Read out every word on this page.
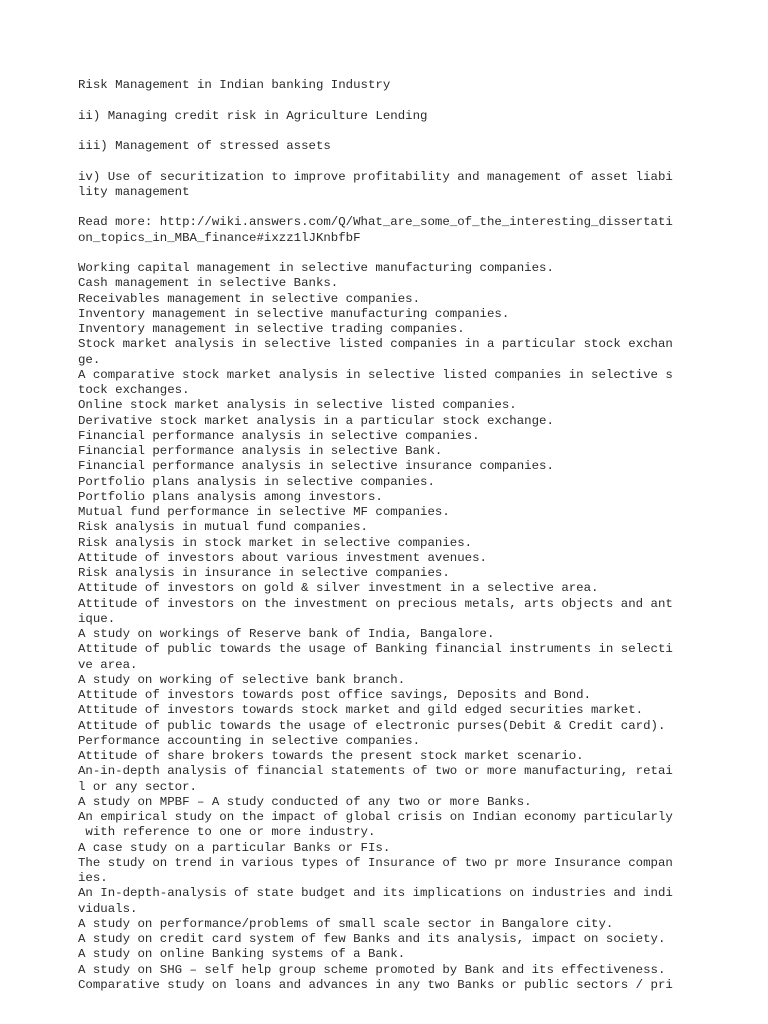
Risk Management in Indian banking Industry
ii) Managing credit risk in Agriculture Lending
iii) Management of stressed assets
iv) Use of securitization to improve profitability and management of asset liabi
lity management
Read more: http://wiki.answers.com/Q/What_are_some_of_the_interesting_dissertati
on_topics_in_MBA_finance#ixzz1lJKnbfbF
Working capital management in selective manufacturing companies.
Cash management in selective Banks.
Receivables management in selective companies.
Inventory management in selective manufacturing companies.
Inventory management in selective trading companies.
Stock market analysis in selective listed companies in a particular stock exchan
ge.
A comparative stock market analysis in selective listed companies in selective s
tock exchanges.
Online stock market analysis in selective listed companies.
Derivative stock market analysis in a particular stock exchange.
Financial performance analysis in selective companies.
Financial performance analysis in selective Bank.
Financial performance analysis in selective insurance companies.
Portfolio plans analysis in selective companies.
Portfolio plans analysis among investors.
Mutual fund performance in selective MF companies.
Risk analysis in mutual fund companies.
Risk analysis in stock market in selective companies.
Attitude of investors about various investment avenues.
Risk analysis in insurance in selective companies.
Attitude of investors on gold & silver investment in a selective area.
Attitude of investors on the investment on precious metals, arts objects and ant
ique.
A study on workings of Reserve bank of India, Bangalore.
Attitude of public towards the usage of Banking financial instruments in selecti
ve area.
A study on working of selective bank branch.
Attitude of investors towards post office savings, Deposits and Bond.
Attitude of investors towards stock market and gild edged securities market.
Attitude of public towards the usage of electronic purses(Debit & Credit card).
Performance accounting in selective companies.
Attitude of share brokers towards the present stock market scenario.
An-in-depth analysis of financial statements of two or more manufacturing, retai
l or any sector.
A study on MPBF – A study conducted of any two or more Banks.
An empirical study on the impact of global crisis on Indian economy particularly
with reference to one or more industry.
A case study on a particular Banks or FIs.
The study on trend in various types of Insurance of two pr more Insurance compan
ies.
An In-depth-analysis of state budget and its implications on industries and indi
viduals.
A study on performance/problems of small scale sector in Bangalore city.
A study on credit card system of few Banks and its analysis, impact on society.
A study on online Banking systems of a Bank.
A study on SHG – self help group scheme promoted by Bank and its effectiveness.
Comparative study on loans and advances in any two Banks or public sectors / pri
